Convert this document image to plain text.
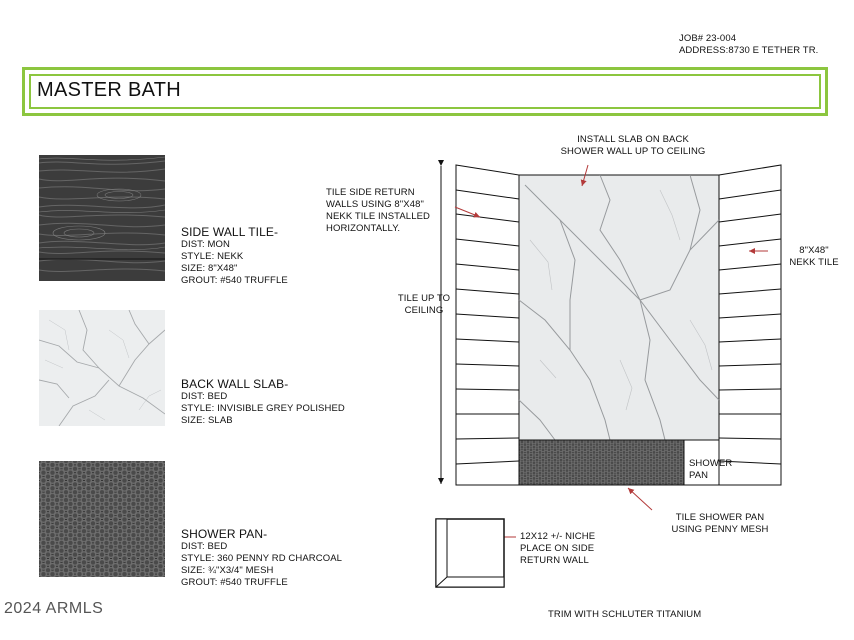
JOB# 23-004
ADDRESS:8730 E TETHER TR.
MASTER BATH
SIDE WALL TILE-
DIST: MON
STYLE: NEKK
SIZE: 8"X48"
GROUT: #540 TRUFFLE
BACK WALL SLAB-
DIST: BED
STYLE: INVISIBLE GREY POLISHED
SIZE: SLAB
SHOWER PAN-
DIST: BED
STYLE: 360 PENNY RD CHARCOAL
SIZE: ¾"X3/4" MESH
GROUT: #540 TRUFFLE
INSTALL SLAB ON BACK
SHOWER WALL UP TO CEILING
TILE SIDE RETURN
WALLS USING 8"X48"
NEKK TILE INSTALLED
HORIZONTALLY.
TILE UP TO
CEILING
8"X48"
NEKK TILE
SHOWER
PAN
TILE SHOWER PAN
USING PENNY MESH
12X12 +/- NICHE
PLACE ON SIDE
RETURN WALL
TRIM WITH SCHLUTER TITANIUM
2024 ARMLS
